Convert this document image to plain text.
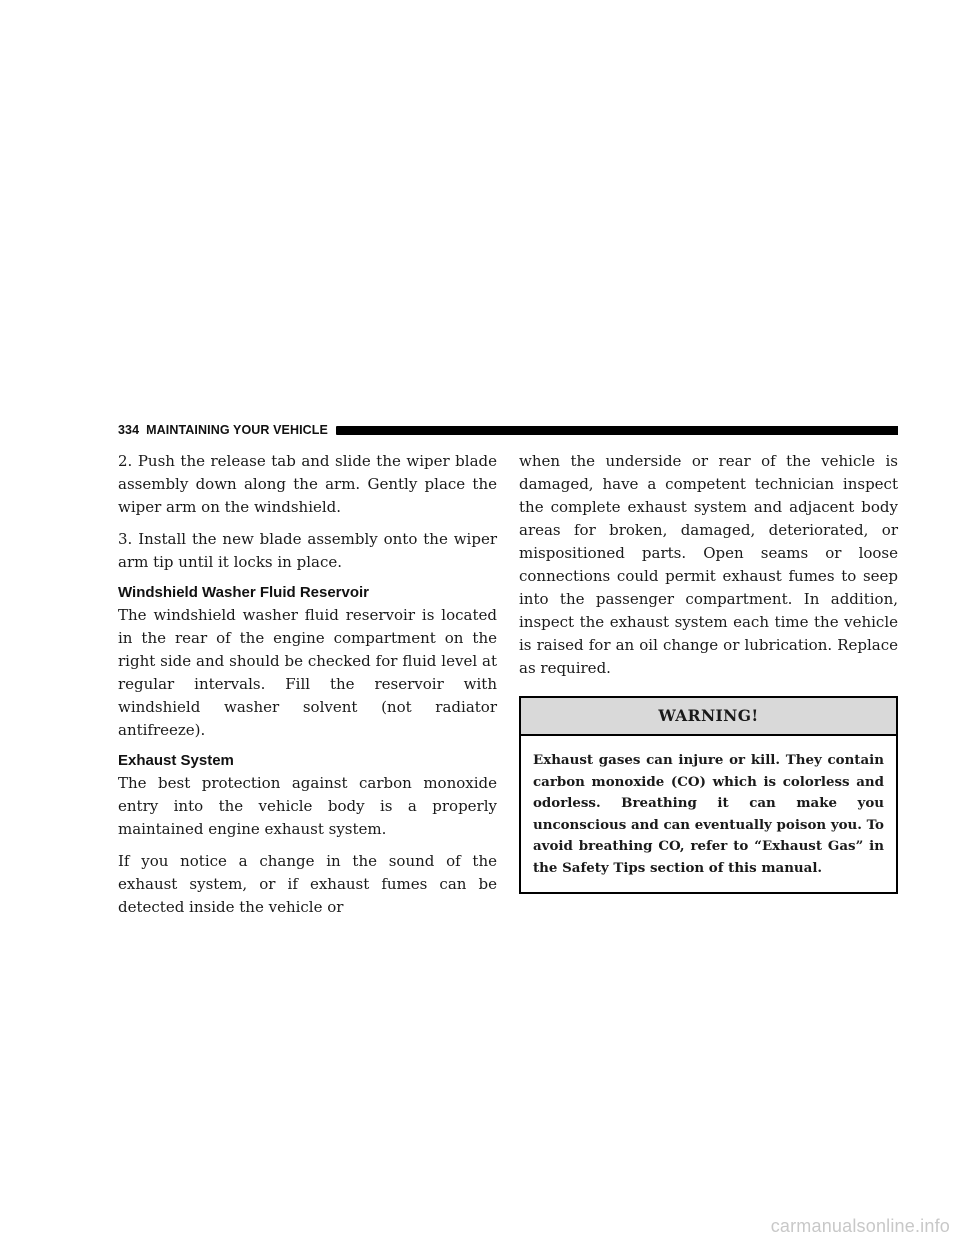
334 MAINTAINING YOUR VEHICLE

2. Push the release tab and slide the wiper blade assembly down along the arm. Gently place the wiper arm on the windshield.

3. Install the new blade assembly onto the wiper arm tip until it locks in place.

Windshield Washer Fluid Reservoir

The windshield washer fluid reservoir is located in the rear of the engine compartment on the right side and should be checked for fluid level at regular intervals. Fill the reservoir with windshield washer solvent (not radiator antifreeze).

Exhaust System

The best protection against carbon monoxide entry into the vehicle body is a properly maintained engine exhaust system.

If you notice a change in the sound of the exhaust system, or if exhaust fumes can be detected inside the vehicle or

when the underside or rear of the vehicle is damaged, have a competent technician inspect the complete exhaust system and adjacent body areas for broken, damaged, deteriorated, or mispositioned parts. Open seams or loose connections could permit exhaust fumes to seep into the passenger compartment. In addition, inspect the exhaust system each time the vehicle is raised for an oil change or lubrication. Replace as required.

WARNING!
Exhaust gases can injure or kill. They contain carbon monoxide (CO) which is colorless and odorless. Breathing it can make you unconscious and can eventually poison you. To avoid breathing CO, refer to “Exhaust Gas” in the Safety Tips section of this manual.
carmanualsonline.info
